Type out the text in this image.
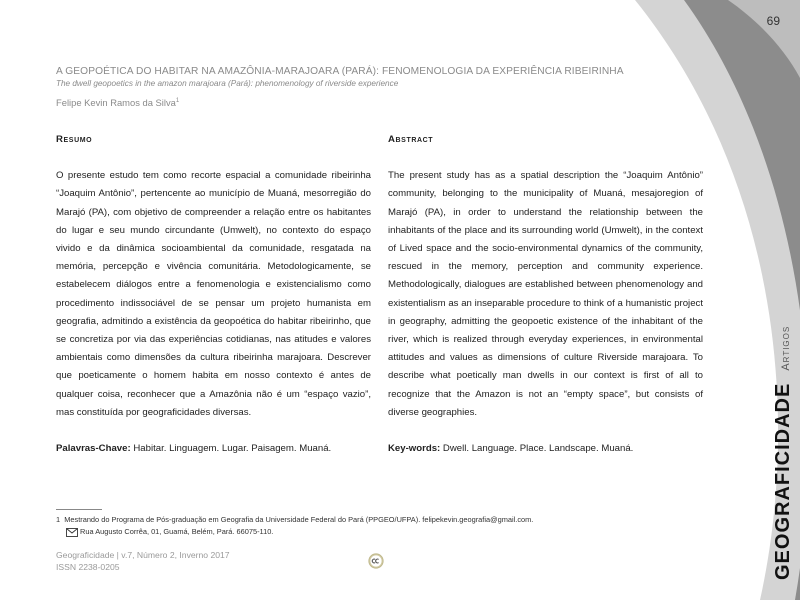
69
A GEOPOÉTICA DO HABITAR NA AMAZÔNIA-MARAJOARA (PARÁ): FENOMENOLOGIA DA EXPERIÊNCIA RIBEIRINHA
The dwell geopoetics in the amazon marajoara (Pará): phenomenology of riverside experience
Felipe Kevin Ramos da Silva$^1$
Resumo

O presente estudo tem como recorte espacial a comunidade ribeirinha “Joaquim Antônio”, pertencente ao município de Muaná, mesorregião do Marajó (PA), com objetivo de compreender a relação entre os habitantes do lugar e seu mundo circundante (Umwelt), no contexto do espaço vivido e da dinâmica socioambiental da comunidade, resgatada na memória, percepção e vivência comunitária. Metodologicamente, se estabelecem diálogos entre a fenomenologia e existencialismo como procedimento indissociável de se pensar um projeto humanista em geografia, admitindo a existência da geopoética do habitar ribeirinho, que se concretiza por via das experiências cotidianas, nas atitudes e valores ambientais como dimensões da cultura ribeirinha marajoara. Descrever que poeticamente o homem habita em nosso contexto é antes de qualquer coisa, reconhecer que a Amazônia não é um “espaço vazio”, mas constituída por geograficidades diversas.

Palavras-Chave: Habitar. Linguagem. Lugar. Paisagem. Muaná.

Abstract

The present study has as a spatial description the “Joaquim Antônio” community, belonging to the municipality of Muaná, mesajoregion of Marajó (PA), in order to understand the relationship between the inhabitants of the place and its surrounding world (Umwelt), in the context of Lived space and the socio-environmental dynamics of the community, rescued in the memory, perception and community experience. Methodologically, dialogues are established between phenomenology and existentialism as an inseparable procedure to think of a humanistic project in geography, admitting the geopoetic existence of the inhabitant of the river, which is realized through everyday experiences, in environmental attitudes and values as dimensions of culture Riverside marajoara. To describe what poetically man dwells in our context is first of all to recognize that the Amazon is not an “empty space”, but consists of diverse geographies.

Key-words: Dwell. Language. Place. Landscape. Muaná.

1 Mestrando do Programa de Pós-graduação em Geografia da Universidade Federal do Pará (PPGEO/UFPA). felipekevin.geografia@gmail.com.
Rua Augusto Corrêa, 01, Guamá, Belém, Pará. 66075-110.
Geograficidade | v.7, Número 2, Inverno 2017
ISSN 2238-0205	GEOGRAFICIDADEArtigos
